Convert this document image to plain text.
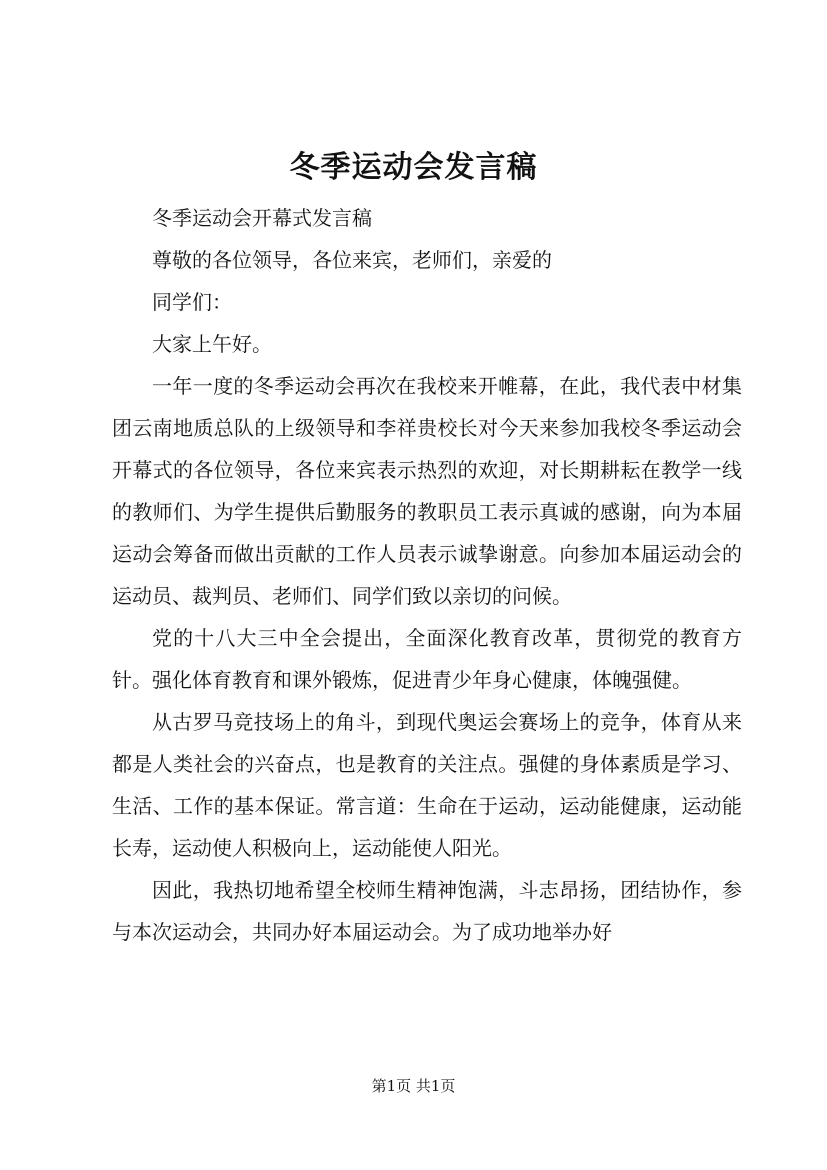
冬季运动会发言稿

冬季运动会开幕式发言稿

尊敬的各位领导，各位来宾，老师们，亲爱的

同学们：

大家上午好。

一年一度的冬季运动会再次在我校来开帷幕，在此，我代表中材集团云南地质总队的上级领导和李祥贵校长对今天来参加我校冬季运动会开幕式的各位领导，各位来宾表示热烈的欢迎，对长期耕耘在教学一线的教师们、为学生提供后勤服务的教职员工表示真诚的感谢，向为本届运动会筹备而做出贡献的工作人员表示诚挚谢意。向参加本届运动会的运动员、裁判员、老师们、同学们致以亲切的问候。

党的十八大三中全会提出，全面深化教育改革，贯彻党的教育方针。强化体育教育和课外锻炼，促进青少年身心健康，体魄强健。

从古罗马竞技场上的角斗，到现代奥运会赛场上的竞争，体育从来都是人类社会的兴奋点，也是教育的关注点。强健的身体素质是学习、生活、工作的基本保证。常言道：生命在于运动，运动能健康，运动能长寿，运动使人积极向上，运动能使人阳光。

因此，我热切地希望全校师生精神饱满，斗志昂扬，团结协作，参与本次运动会，共同办好本届运动会。为了成功地举办好

第1页 共1页
